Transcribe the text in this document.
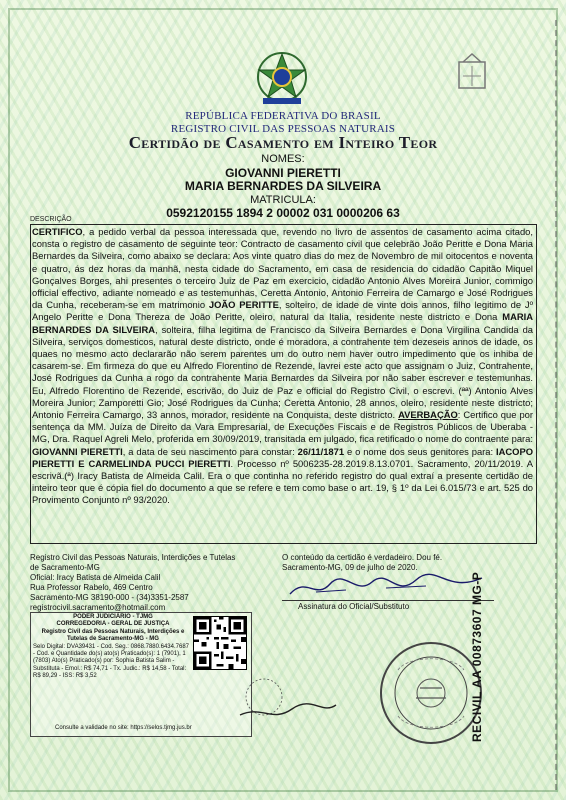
REPÚBLICA FEDERATIVA DO BRASIL
REGISTRO CIVIL DAS PESSOAS NATURAIS
Certidão de Casamento em Inteiro Teor
NOMES:
GIOVANNI PIERETTI
MARIA BERNARDES DA SILVEIRA
MATRICULA:
0592120155 1894 2 00002 031 0000206 63
DESCRIÇÃO
CERTIFICO, a pedido verbal da pessoa interessada que, revendo no livro de assentos de casamento acima citado, consta o registro de casamento de seguinte teor: Contracto de casamento civil que celebrão João Peritte e Dona Maria Bernardes da Silveira, como abaixo se declara: Aos vinte quatro dias do mez de Novembro de mil oitocentos e noventa e quatro, ás dez horas da manhã, nesta cidade do Sacramento, em casa de residencia do cidadão Capitão Miquel Gonçalves Borges, ahi presentes o terceiro Juiz de Paz em exercicio, cidadão Antonio Alves Moreira Junior, commigo official effectivo, adiante nomeado e as testemunhas, Ceretta Antonio, Antonio Ferreira de Camargo e José Rodrigues da Cunha, receberam-se em matrimonio JOÃO PERITTE, solteiro, de idade de vinte dois annos, filho legitimo de Jº Angelo Peritte e Dona Thereza de João Peritte, oleiro, natural da Italia, residente neste districto e Dona MARIA BERNARDES DA SILVEIRA, solteira, filha legitima de Francisco da Silveira Bernardes e Dona Virgilina Candida da Silveira, serviços domesticos, natural deste districto, onde é moradora, a contrahente tem dezeseis annos de idade, os quaes no mesmo acto declararão não serem parentes um do outro nem haver outro impedimento que os inhiba de casarem-se. Em firmeza do que eu Alfredo Florentino de Rezende, lavrei este acto que assignam o Juiz, Contrahente, José Rodrigues da Cunha a rogo da contrahente Maria Bernardes da Silveira por não saber escrever e testemunhas. Eu, Alfredo Florentino de Rezende, escrivão, do Juiz de Paz e official do Registro Civil, o escrevi. (ªª) Antonio Alves Moreira Junior; Zamporetti Gio; José Rodrigues da Cunha; Ceretta Antonio, 28 annos, oleiro, residente neste districto; Antonio Ferreira Camargo, 33 annos, morador, residente na Conquista, deste districto. AVERBAÇÃO: Certifico que por sentença da MM. Juíza de Direito da Vara Empresarial, de Execuções Fiscais e de Registros Públicos de Uberaba - MG, Dra. Raquel Agreli Melo, proferida em 30/09/2019, transitada em julgado, fica retificado o nome do contraente para: GIOVANNI PIERETTI, a data de seu nascimento para constar: 26/11/1871 e o nome dos seus genitores para: IACOPO PIERETTI E CARMELINDA PUCCI PIERETTI. Processo nº 5006235-28.2019.8.13.0701. Sacramento, 20/11/2019. A escrivã.(ª) Iracy Batista de Almeida Calil. Era o que continha no referido registro do qual extraí a presente certidão de inteiro teor que é cópia fiel do documento a que se refere e tem como base o art. 19, § 1º da Lei 6.015/73 e art. 525 do Provimento Conjunto nº 93/2020.
Registro Civil das Pessoas Naturais, Interdições e Tutelas
de Sacramento-MG
Oficial: Iracy Batista de Almeida Calil
Rua Professor Rabelo, 469 Centro
Sacramento-MG 38190-000 - (34)3351-2587
registrocivil.sacramento@hotmail.com
O conteúdo da certidão é verdadeiro. Dou fé.
Sacramento-MG, 09 de julho de 2020.
Assinatura do Oficial/Substituto
PODER JUDICIÁRIO - TJMG
CORREGEDORIA - GERAL DE JUSTIÇA
Registro Civil das Pessoas Naturais, Interdições e
Tutelas de Sacramento-MG - MG
Selo Digital: DVA39431 - Cod. Seg.: 0868.7880.6434.7687
- Cod. e Quantidade do(s) ato(s) Praticado(s): 1 (7901), 1
(7803) Ato(s) Praticado(s) por: Sophia Batista Salim -
Substituta - Emol.: R$ 74,71 - Tx. Judic.: R$ 14,58 - Total:
R$ 89,29 - ISS: R$ 3,52
Consulte a validade no site: https://selos.tjmg.jus.br	RECIVIL AA 00873607 MG-P
